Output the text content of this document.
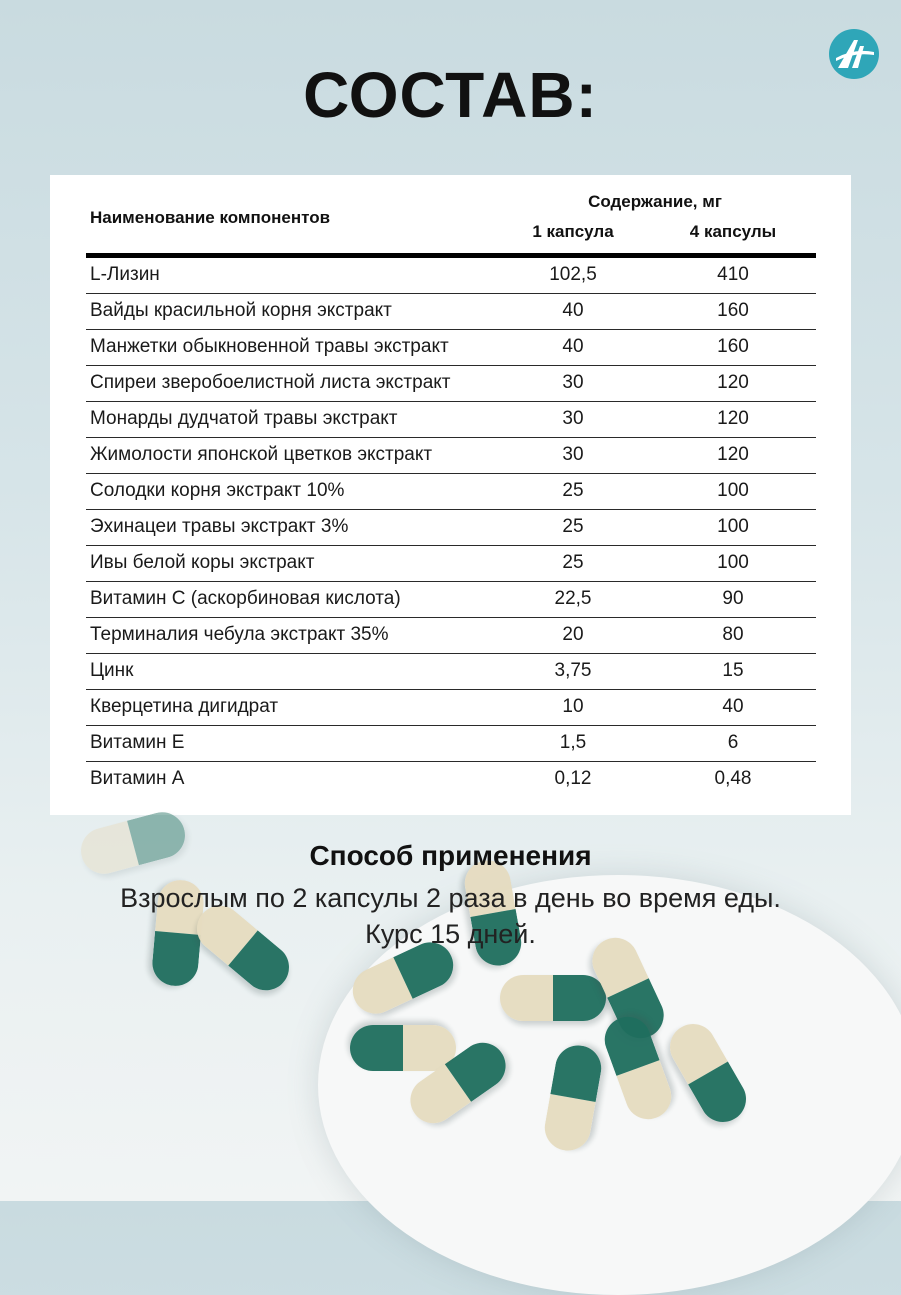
СОСТАВ:
Наименование компонентов
Содержание, мг
1 капсула	4 капсулы
L-Лизин	102,5	410
Вайды красильной корня экстракт	40	160
Манжетки обыкновенной травы экстракт	40	160
Спиреи зверобоелистной листа экстракт	30	120
Монарды дудчатой травы экстракт	30	120
Жимолости японской цветков экстракт	30	120
Солодки корня экстракт 10%	25	100
Эхинацеи травы экстракт 3%	25	100
Ивы белой коры экстракт	25	100
Витамин С (аскорбиновая кислота)	22,5	90
Терминалия чебула экстракт 35%	20	80
Цинк	3,75	15
Кверцетина дигидрат	10	40
Витамин Е	1,5	6
Витамин А	0,12	0,48
Способ применения
Взрослым по 2 капсулы 2 раза в день во время еды.
Курс 15 дней.
